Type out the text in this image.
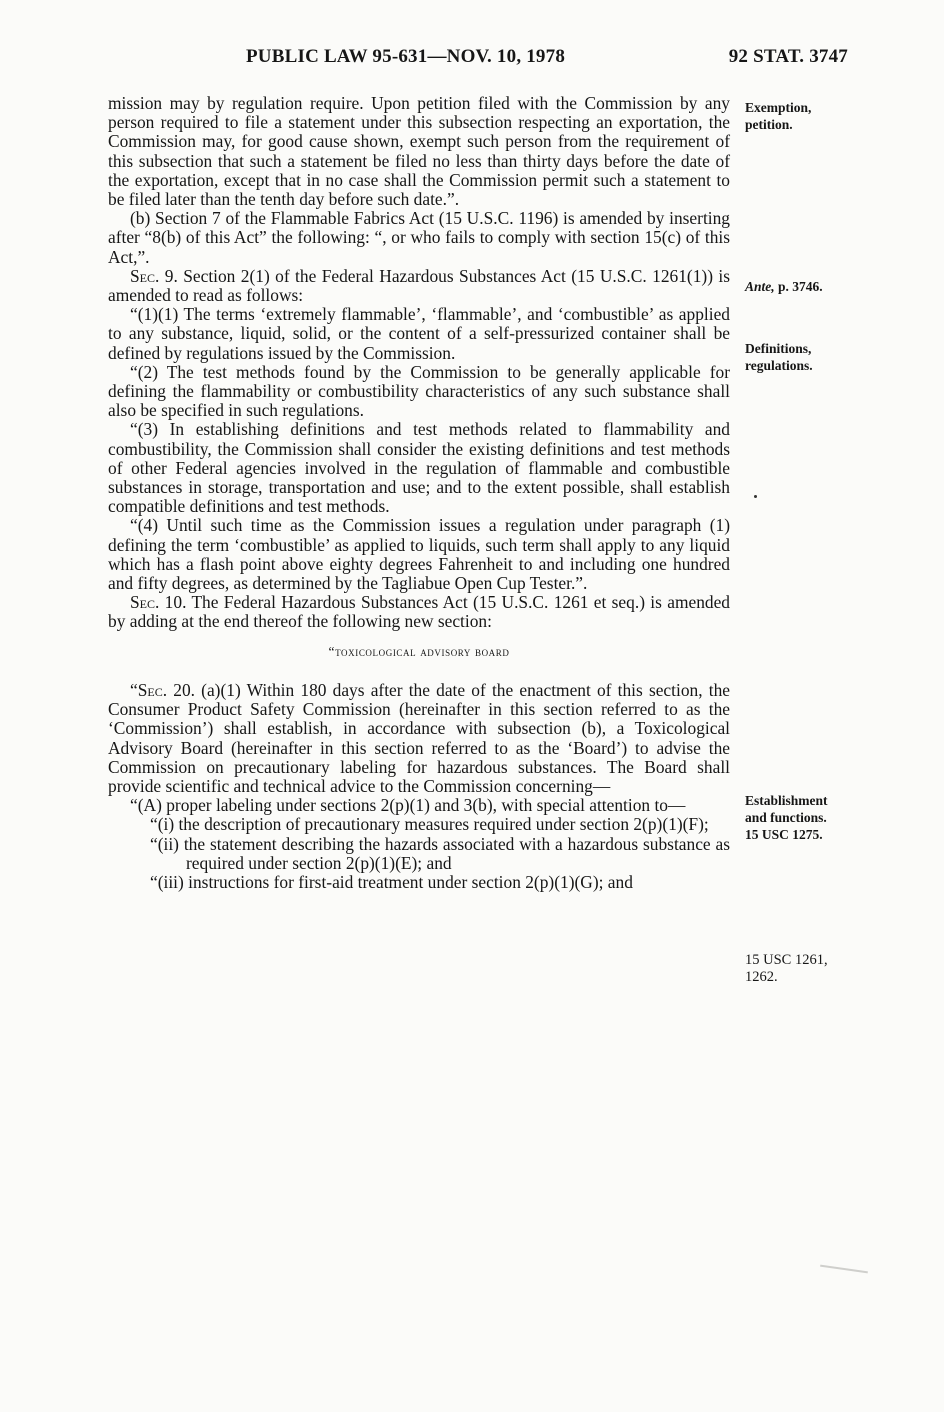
PUBLIC LAW 95-631—NOV. 10, 1978	92 STAT. 3747

mission may by regulation require. Upon petition filed with the Commission by any person required to file a statement under this subsection respecting an exportation, the Commission may, for good cause shown, exempt such person from the requirement of this subsection that such a statement be filed no less than thirty days before the date of the exportation, except that in no case shall the Commission permit such a statement to be filed later than the tenth day before such date.”.

(b) Section 7 of the Flammable Fabrics Act (15 U.S.C. 1196) is amended by inserting after “8(b) of this Act” the following: “, or who fails to comply with section 15(c) of this Act,”.

Sec. 9. Section 2(1) of the Federal Hazardous Substances Act (15 U.S.C. 1261(1)) is amended to read as follows:

“(1)(1) The terms ‘extremely flammable’, ‘flammable’, and ‘combustible’ as applied to any substance, liquid, solid, or the content of a self-pressurized container shall be defined by regulations issued by the Commission.

“(2) The test methods found by the Commission to be generally applicable for defining the flammability or combustibility characteristics of any such substance shall also be specified in such regulations.

“(3) In establishing definitions and test methods related to flammability and combustibility, the Commission shall consider the existing definitions and test methods of other Federal agencies involved in the regulation of flammable and combustible substances in storage, transportation and use; and to the extent possible, shall establish compatible definitions and test methods.

“(4) Until such time as the Commission issues a regulation under paragraph (1) defining the term ‘combustible’ as applied to liquids, such term shall apply to any liquid which has a flash point above eighty degrees Fahrenheit to and including one hundred and fifty degrees, as determined by the Tagliabue Open Cup Tester.”.

Sec. 10. The Federal Hazardous Substances Act (15 U.S.C. 1261 et seq.) is amended by adding at the end thereof the following new section:

“toxicological advisory board

“Sec. 20. (a)(1) Within 180 days after the date of the enactment of this section, the Consumer Product Safety Commission (hereinafter in this section referred to as the ‘Commission’) shall establish, in accordance with subsection (b), a Toxicological Advisory Board (hereinafter in this section referred to as the ‘Board’) to advise the Commission on precautionary labeling for hazardous substances. The Board shall provide scientific and technical advice to the Commission concerning—

“(A) proper labeling under sections 2(p)(1) and 3(b), with special attention to—

“(i) the description of precautionary measures required under section 2(p)(1)(F);

“(ii) the statement describing the hazards associated with a hazardous substance as required under section 2(p)(1)(E); and

“(iii) instructions for first-aid treatment under section 2(p)(1)(G); and

Exemption,
petition.
Ante, p. 3746.
Definitions,
regulations.
Establishment
and functions.
15 USC 1275.
15 USC 1261,
1262.
